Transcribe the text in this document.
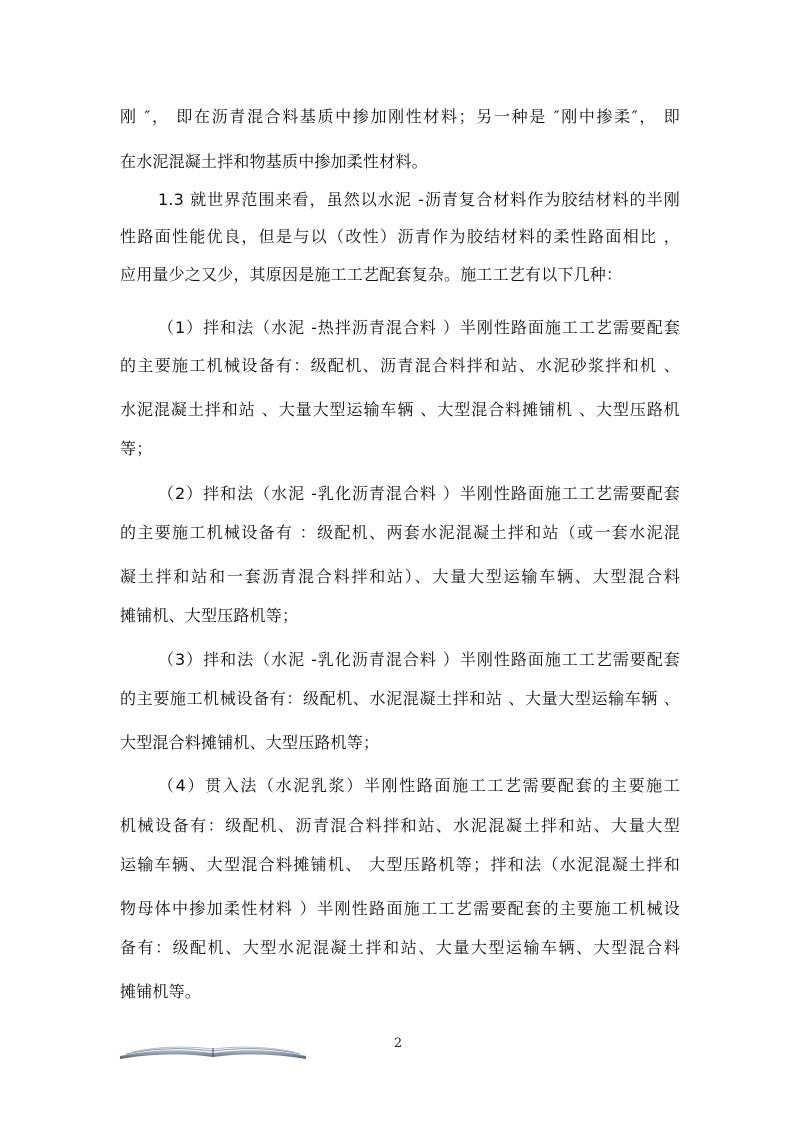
刚 ″， 即在沥青混合料基质中掺加刚性材料；另一种是 ″刚中掺柔″， 即
在水泥混凝土拌和物基质中掺加柔性材料。
1.3 就世界范围来看，虽然以水泥 -沥青复合材料作为胶结材料的半刚
性路面性能优良，但是与以（改性）沥青作为胶结材料的柔性路面相比 ，
应用量少之又少，其原因是施工工艺配套复杂。施工工艺有以下几种：
（1）拌和法（水泥 -热拌沥青混合料 ）半刚性路面施工工艺需要配套
的主要施工机械设备有：级配机、沥青混合料拌和站、水泥砂浆拌和机 、
水泥混凝土拌和站 、大量大型运输车辆 、大型混合料摊铺机 、大型压路机
等；
（2）拌和法（水泥 -乳化沥青混合料 ）半刚性路面施工工艺需要配套
的主要施工机械设备有 ：级配机、两套水泥混凝土拌和站（或一套水泥混
凝土拌和站和一套沥青混合料拌和站）、大量大型运输车辆、大型混合料
摊铺机、大型压路机等；
（3）拌和法（水泥 -乳化沥青混合料 ）半刚性路面施工工艺需要配套
的主要施工机械设备有：级配机、水泥混凝土拌和站 、大量大型运输车辆 、
大型混合料摊铺机、大型压路机等；
（4）贯入法（水泥乳浆）半刚性路面施工工艺需要配套的主要施工
机械设备有：级配机、沥青混合料拌和站、水泥混凝土拌和站、大量大型
运输车辆、大型混合料摊铺机、 大型压路机等；拌和法（水泥混凝土拌和
物母体中掺加柔性材料 ）半刚性路面施工工艺需要配套的主要施工机械设
备有：级配机、大型水泥混凝土拌和站、大量大型运输车辆、大型混合料
摊铺机等。
2
